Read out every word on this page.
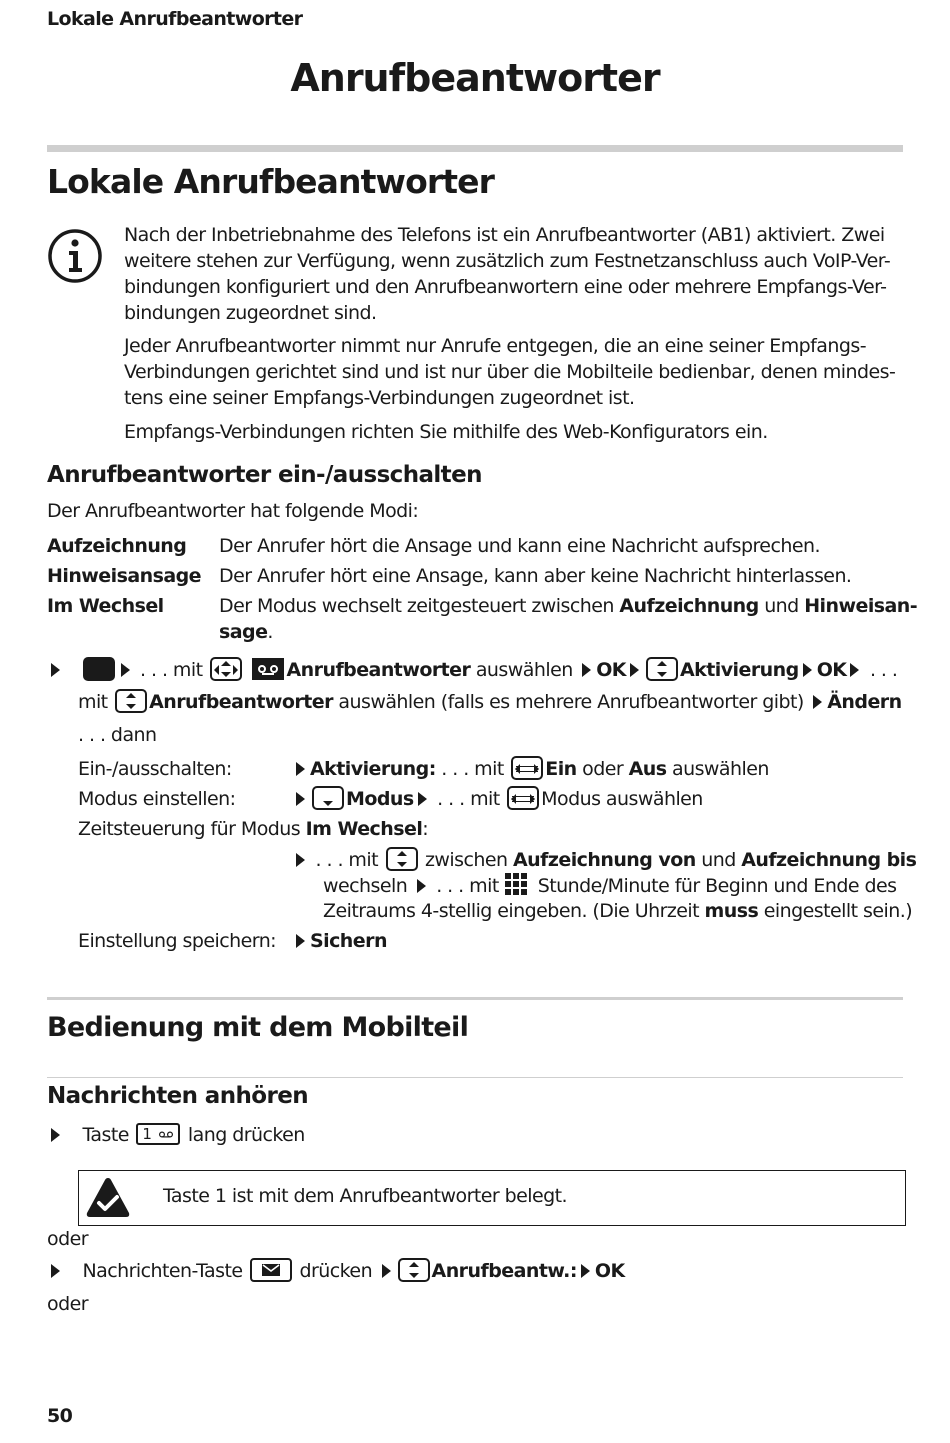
Lokale Anrufbeantworter
Anrufbeantworter
Lokale Anrufbeantworter
Nach der Inbetriebnahme des Telefons ist ein Anrufbeantworter (AB1) aktiviert. Zwei
weitere stehen zur Verfügung, wenn zusätzlich zum Festnetzanschluss auch VoIP-Ver-
bindungen konfiguriert und den Anrufbeanwortern eine oder mehrere Empfangs-Ver-
bindungen zugeordnet sind.
Jeder Anrufbeantworter nimmt nur Anrufe entgegen, die an eine seiner Empfangs-
Verbindungen gerichtet sind und ist nur über die Mobilteile bedienbar, denen mindes-
tens eine seiner Empfangs-Verbindungen zugeordnet ist.
Empfangs-Verbindungen richten Sie mithilfe des Web-Konfigurators ein.
Anrufbeantworter ein-/ausschalten
Der Anrufbeantworter hat folgende Modi:
Aufzeichnung Der Anrufer hört die Ansage und kann eine Nachricht aufsprechen.
Hinweisansage Der Anrufer hört eine Ansage, kann aber keine Nachricht hinterlassen.
Im Wechsel	Der Modus wechselt zeitgesteuert zwischen Aufzeichnung und Hinweisan-
sage.
. . . mit
	Anrufbeantworter auswählen OK	Aktivierung OK . . .
mit
Anrufbeantworter auswählen (falls es mehrere Anrufbeantworter gibt) Ändern
. . . dann
Ein-/ausschalten:	Aktivierung: . . . mit
Ein oder Aus auswählen
Modus einstellen:	Modus . . . mit
Modus auswählen
Zeitsteuerung für Modus Im Wechsel:
. . . mit
zwischen Aufzeichnung von und Aufzeichnung bis
wechseln  . . . mit  Stunde/Minute für Beginn und Ende des
Zeitraums 4-stellig eingeben. (Die Uhrzeit muss eingestellt sein.)
Einstellung speichern:	Sichern
Bedienung mit dem Mobilteil
Nachrichten anhören
Taste 1
lang drücken
Taste 1 ist mit dem Anrufbeantworter belegt.
oder
Nachrichten-Taste
drücken	Anrufbeantw.: OK
oder
50
